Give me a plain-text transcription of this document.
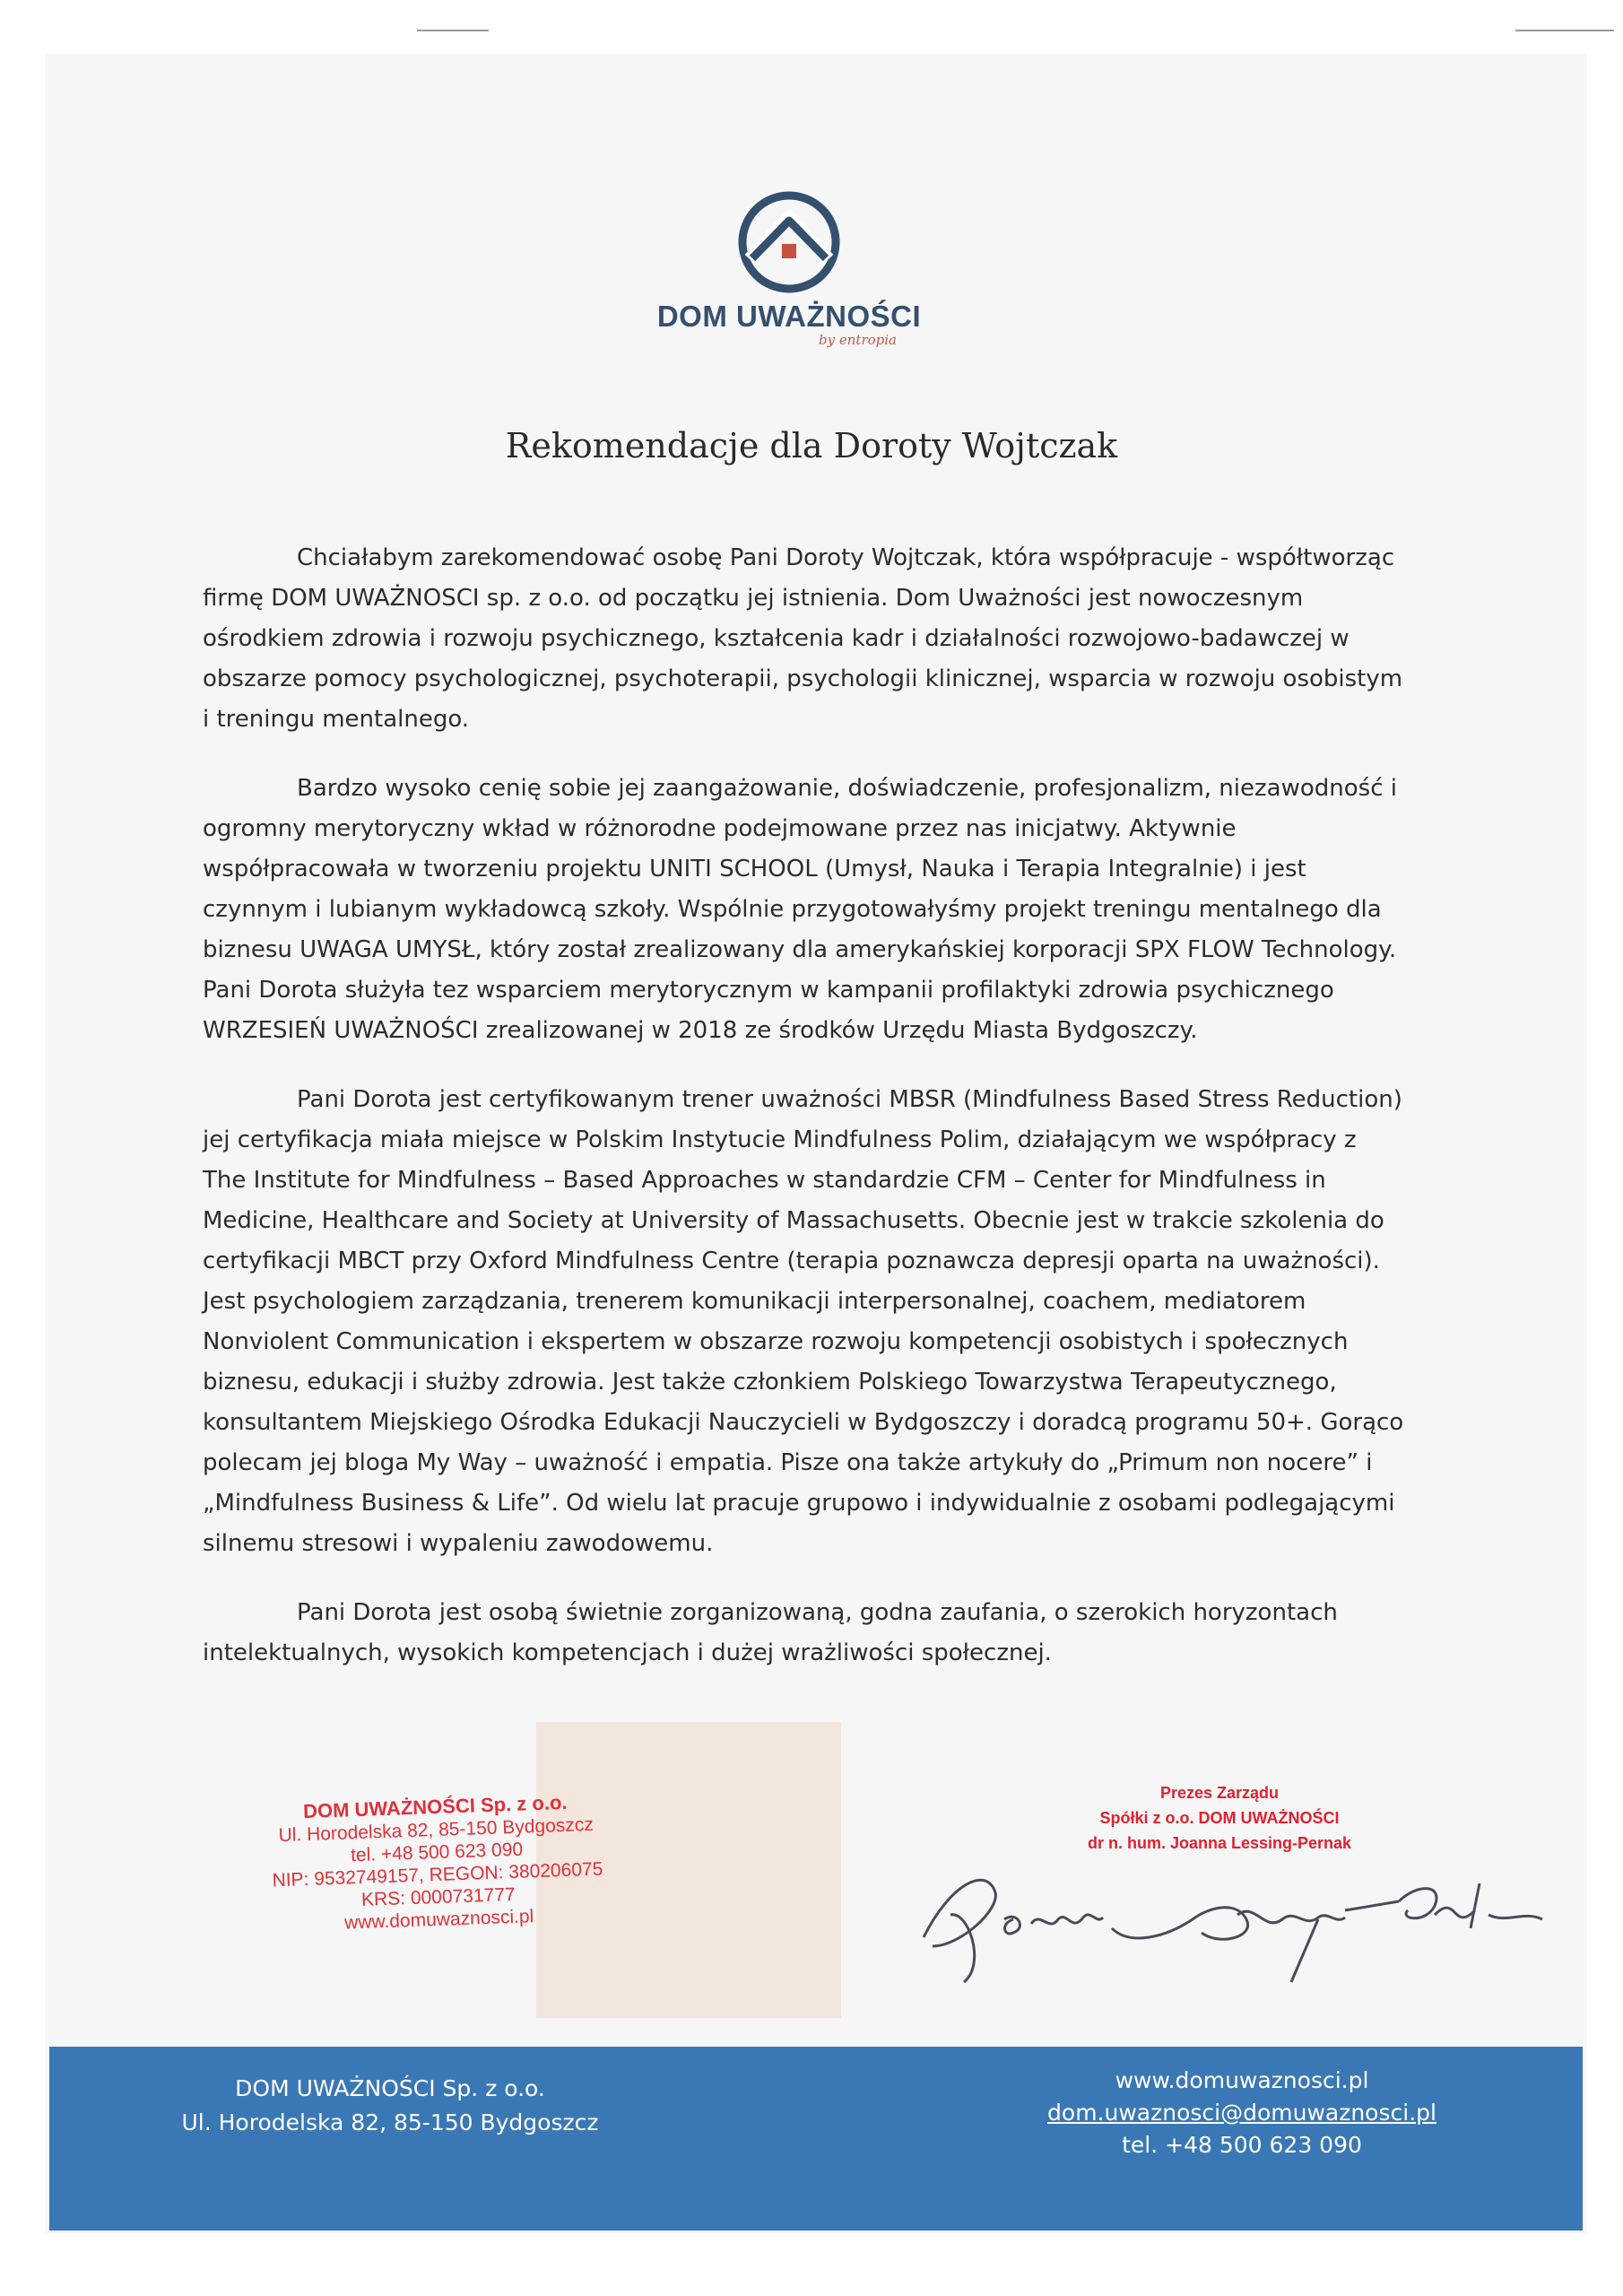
DOM UWAŻNOŚCI
by entropia
Rekomendacje dla Doroty Wojtczak

Chciałabym zarekomendować osobę Pani Doroty Wojtczak, która współpracuje - współtworząc firmę DOM UWAŻNOSCI sp. z o.o. od początku jej istnienia. Dom Uważności jest nowoczesnym ośrodkiem zdrowia i rozwoju psychicznego, kształcenia kadr i działalności rozwojowo-badawczej w obszarze pomocy psychologicznej, psychoterapii, psychologii klinicznej, wsparcia w rozwoju osobistym i treningu mentalnego.

Bardzo wysoko cenię sobie jej zaangażowanie, doświadczenie, profesjonalizm, niezawodność i ogromny merytoryczny wkład w różnorodne podejmowane przez nas inicjatwy. Aktywnie współpracowała w tworzeniu projektu UNITI SCHOOL (Umysł, Nauka i Terapia Integralnie) i jest czynnym i lubianym wykładowcą szkoły. Wspólnie przygotowałyśmy projekt treningu mentalnego dla biznesu UWAGA UMYSŁ, który został zrealizowany dla amerykańskiej korporacji SPX FLOW Technology. Pani Dorota służyła tez wsparciem merytorycznym w kampanii profilaktyki zdrowia psychicznego WRZESIEŃ UWAŻNOŚCI zrealizowanej w 2018 ze środków Urzędu Miasta Bydgoszczy.

Pani Dorota jest certyfikowanym trener uważności MBSR (Mindfulness Based Stress Reduction) jej certyfikacja miała miejsce w Polskim Instytucie Mindfulness Polim, działającym we współpracy z The Institute for Mindfulness – Based Approaches w standardzie CFM – Center for Mindfulness in Medicine, Healthcare and Society at University of Massachusetts. Obecnie jest w trakcie szkolenia do certyfikacji MBCT przy Oxford Mindfulness Centre (terapia poznawcza depresji oparta na uważności). Jest psychologiem zarządzania, trenerem komunikacji interpersonalnej, coachem, mediatorem Nonviolent Communication i ekspertem w obszarze rozwoju kompetencji osobistych i społecznych biznesu, edukacji i służby zdrowia. Jest także członkiem Polskiego Towarzystwa Terapeutycznego, konsultantem Miejskiego Ośrodka Edukacji Nauczycieli w Bydgoszczy i doradcą programu 50+. Gorąco polecam jej bloga My Way – uważność i empatia. Pisze ona także artykuły do „Primum non nocere” i „Mindfulness Business & Life”. Od wielu lat pracuje grupowo i indywidualnie z osobami podlegającymi silnemu stresowi i wypaleniu zawodowemu.

Pani Dorota jest osobą świetnie zorganizowaną, godna zaufania, o szerokich horyzontach intelektualnych, wysokich kompetencjach i dużej wrażliwości społecznej.

DOM UWAŻNOŚCI Sp. z o.o.
Ul. Horodelska 82, 85-150 Bydgoszcz
tel. +48 500 623 090
NIP: 9532749157, REGON: 380206075
KRS: 0000731777
www.domuwaznosci.pl
Prezes Zarządu
Spółki z o.o. DOM UWAŻNOŚCI
dr n. hum. Joanna Lessing-Pernak
DOM UWAŻNOŚCI Sp. z o.o.
Ul. Horodelska 82, 85-150 Bydgoszcz
www.domuwaznosci.pl
dom.uwaznosci@domuwaznosci.pl
tel. +48 500 623 090
